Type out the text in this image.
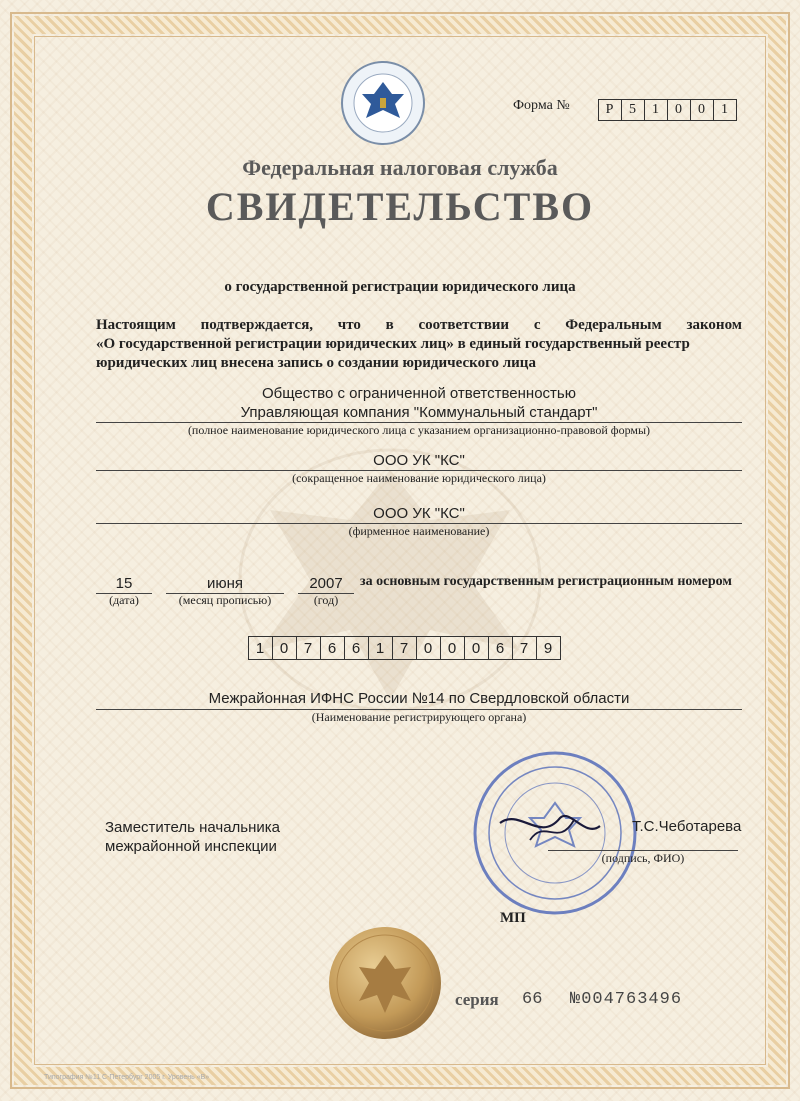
Форма №	Р	5	1	0	0	1
Федеральная налоговая служба
СВИДЕТЕЛЬСТВО
о государственной регистрации юридического лица
Настоящим подтверждается, что в соответствии с Федеральным законом
«О государственной регистрации юридических лиц» в единый государственный реестр
юридических лиц внесена запись о создании юридического лица
Общество с ограниченной ответственностью
Управляющая компания "Коммунальный стандарт"
(полное наименование юридического лица с указанием организационно-правовой формы)
ООО УК "КС"
(сокращенное наименование юридического лица)
ООО УК "КС"
(фирменное наименование)
15
(дата)
июня
(месяц прописью)
2007
(год)
за основным государственным регистрационным номером
1 0 7 6 6 1 7 0 0 0 6 7 9
Межрайонная ИФНС России №14 по Свердловской области
(Наименование регистрирующего органа)
Заместитель начальника
межрайонной инспекции
Т.С.Чеботарева
(подпись, ФИО)
МП
серия 66 №004763496
Типография №11 С-Петербург 2005 г. Уровень «В»
